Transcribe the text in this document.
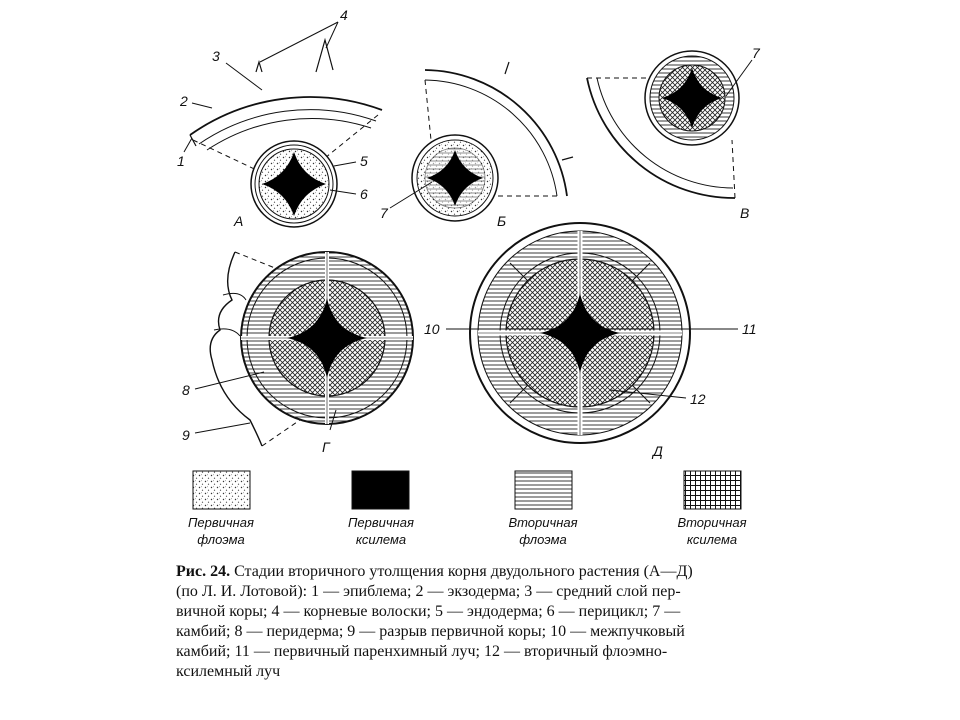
А	Б	В
Г	Д
3
2
1
4
5
6
7
7
8
9
10	11
12
Первичная
флоэма
Первичная
ксилема
Вторичная
флоэма
Вторичная
ксилема
Рис. 24. Стадии вторичного утолщения корня двудольного растения (А—Д)
(по Л. И. Лотовой): 1 — эпиблема; 2 — экзодерма; 3 — средний слой пер-
вичной коры; 4 — корневые волоски; 5 — эндодерма; 6 — перицикл; 7 —
камбий; 8 — перидерма; 9 — разрыв первичной коры; 10 — межпучковый
камбий; 11 — первичный паренхимный луч; 12 — вторичный флоэмно-
ксилемный луч
